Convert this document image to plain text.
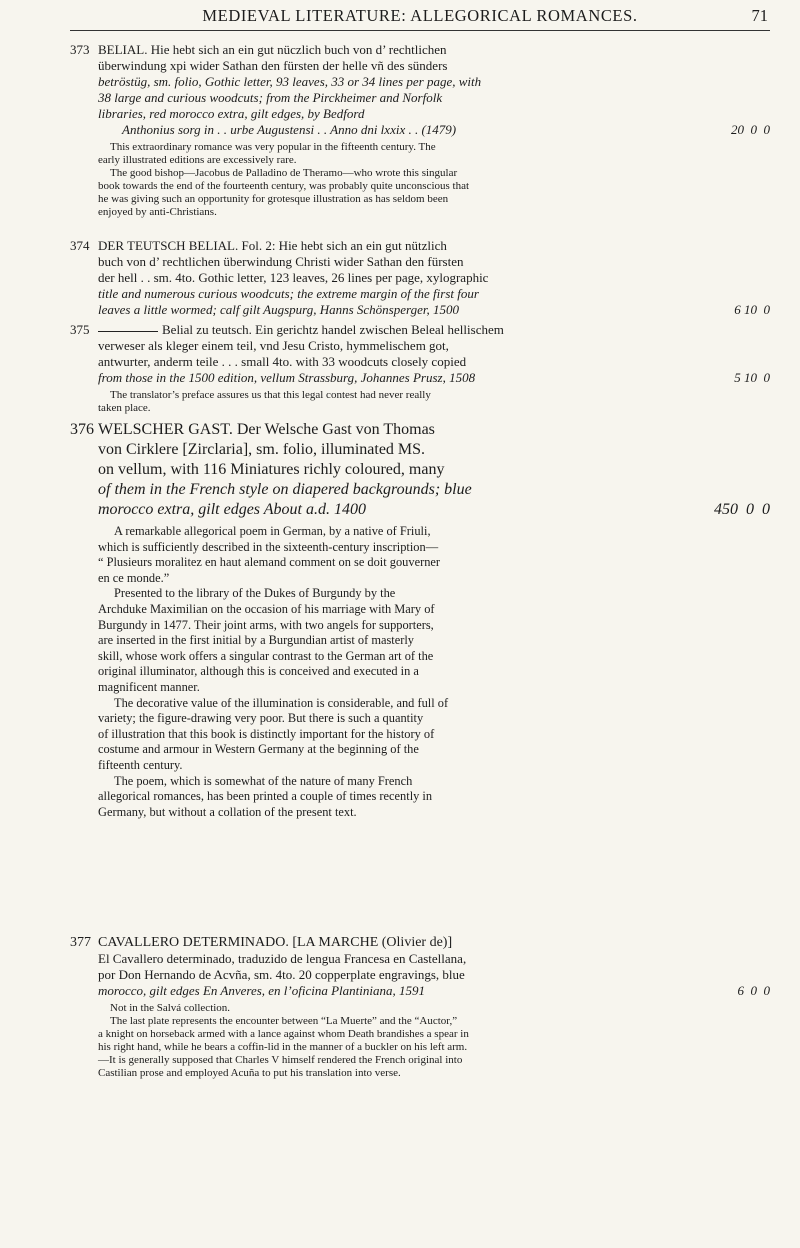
MEDIEVAL LITERATURE: ALLEGORICAL ROMANCES.	71
373 BELIAL. Hie hebt sich an ein gut nüczlich buch von d’ rechtlichen
überwindung xpi wider Sathan den fürsten der helle vñ des sünders
betröstüg, sm. folio, Gothic letter, 93 leaves, 33 or 34 lines per page, with
38 large and curious woodcuts; from the Pirckheimer and Norfolk
libraries, red morocco extra, gilt edges, by Bedford
Anthonius sorg in . . urbe Augustensi . . Anno dni lxxix . . (1479)	20  0  0
This extraordinary romance was very popular in the fifteenth century. The
early illustrated editions are excessively rare.
The good bishop—Jacobus de Palladino de Theramo—who wrote this singular
book towards the end of the fourteenth century, was probably quite unconscious that
he was giving such an opportunity for grotesque illustration as has seldom been
enjoyed by anti-Christians.
374 DER TEUTSCH BELIAL. Fol. 2: Hie hebt sich an ein gut nützlich
buch von d’ rechtlichen überwindung Christi wider Sathan den fürsten
der hell . . sm. 4to. Gothic letter, 123 leaves, 26 lines per page, xylographic
title and numerous curious woodcuts; the extreme margin of the first four
leaves a little wormed; calf gilt Augspurg, Hanns Schönsperger, 1500	6 10  0
375	Belial zu teutsch. Ein gerichtz handel zwischen Beleal hellischem
verweser als kleger einem teil, vnd Jesu Cristo, hymmelischem got,
antwurter, anderm teile . . . small 4to. with 33 woodcuts closely copied
from those in the 1500 edition, vellum Strassburg, Johannes Prusz, 1508	5 10  0
The translator’s preface assures us that this legal contest had never really
taken place.
376 WELSCHER GAST. Der Welsche Gast von Thomas
von Cirklere [Zirclaria], sm. folio, illuminated MS.
on vellum, with 116 Miniatures richly coloured, many
of them in the French style on diapered backgrounds; blue
morocco extra, gilt edges About a.d. 1400	450  0  0
A remarkable allegorical poem in German, by a native of Friuli,
which is sufficiently described in the sixteenth-century inscription—
“ Plusieurs moralitez en haut alemand comment on se doit gouverner
en ce monde.”
Presented to the library of the Dukes of Burgundy by the
Archduke Maximilian on the occasion of his marriage with Mary of
Burgundy in 1477. Their joint arms, with two angels for supporters,
are inserted in the first initial by a Burgundian artist of masterly
skill, whose work offers a singular contrast to the German art of the
original illuminator, although this is conceived and executed in a
magnificent manner.
The decorative value of the illumination is considerable, and full of
variety; the figure-drawing very poor. But there is such a quantity
of illustration that this book is distinctly important for the history of
costume and armour in Western Germany at the beginning of the
fifteenth century.
The poem, which is somewhat of the nature of many French
allegorical romances, has been printed a couple of times recently in
Germany, but without a collation of the present text.
377 CAVALLERO DETERMINADO. [LA MARCHE (Olivier de)]
El Cavallero determinado, traduzido de lengua Francesa en Castellana,
por Don Hernando de Acvña, sm. 4to. 20 copperplate engravings, blue
morocco, gilt edges En Anveres, en l’oficina Plantiniana, 1591	6  0  0
Not in the Salvá collection.
The last plate represents the encounter between “La Muerte” and the “Auctor,”
a knight on horseback armed with a lance against whom Death brandishes a spear in
his right hand, while he bears a coffin-lid in the manner of a buckler on his left arm.
—It is generally supposed that Charles V himself rendered the French original into
Castilian prose and employed Acuña to put his translation into verse.
